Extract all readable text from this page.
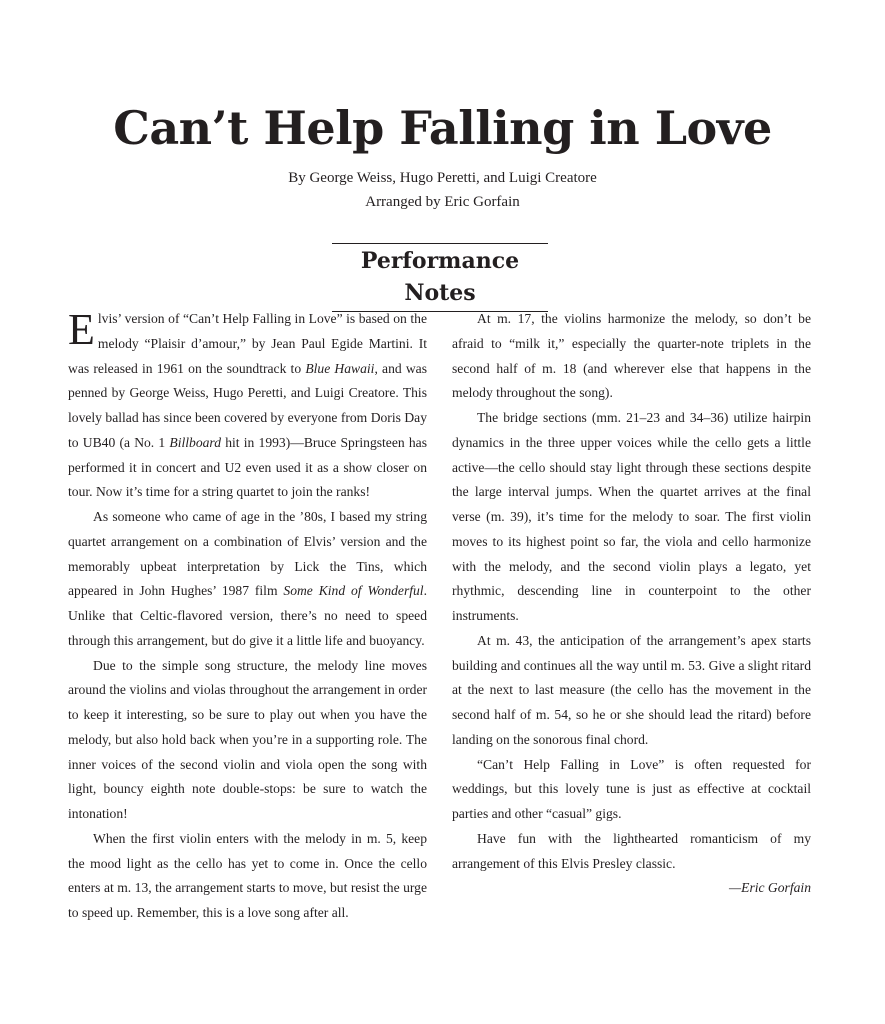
Can’t Help Falling in Love
By George Weiss, Hugo Peretti, and Luigi Creatore
Arranged by Eric Gorfain
Performance Notes

Elvis’ version of “Can’t Help Falling in Love” is based on the melody “Plaisir d’amour,” by Jean Paul Egide Martini. It was released in 1961 on the soundtrack to Blue Hawaii, and was penned by George Weiss, Hugo Peretti, and Luigi Creatore. This lovely ballad has since been covered by everyone from Doris Day to UB40 (a No. 1 Billboard hit in 1993)—Bruce Springsteen has performed it in concert and U2 even used it as a show closer on tour. Now it’s time for a string quartet to join the ranks!

As someone who came of age in the ’80s, I based my string quartet arrangement on a combination of Elvis’ version and the memorably upbeat interpretation by Lick the Tins, which appeared in John Hughes’ 1987 film Some Kind of Wonderful. Unlike that Celtic-flavored version, there’s no need to speed through this arrangement, but do give it a little life and buoyancy.

Due to the simple song structure, the melody line moves around the violins and violas throughout the arrangement in order to keep it interesting, so be sure to play out when you have the melody, but also hold back when you’re in a supporting role. The inner voices of the second violin and viola open the song with light, bouncy eighth note double-stops: be sure to watch the intonation!

When the first violin enters with the melody in m. 5, keep the mood light as the cello has yet to come in. Once the cello enters at m. 13, the arrangement starts to move, but resist the urge to speed up. Remember, this is a love song after all.

At m. 17, the violins harmonize the melody, so don’t be afraid to “milk it,” especially the quarter-note triplets in the second half of m. 18 (and wherever else that happens in the melody throughout the song).

The bridge sections (mm. 21–23 and 34–36) utilize hairpin dynamics in the three upper voices while the cello gets a little active—the cello should stay light through these sections despite the large interval jumps. When the quartet arrives at the final verse (m. 39), it’s time for the melody to soar. The first violin moves to its highest point so far, the viola and cello harmonize with the melody, and the second violin plays a legato, yet rhythmic, descending line in counterpoint to the other instruments.

At m. 43, the anticipation of the arrangement’s apex starts building and continues all the way until m. 53. Give a slight ritard at the next to last measure (the cello has the movement in the second half of m. 54, so he or she should lead the ritard) before landing on the sonorous final chord.

“Can’t Help Falling in Love” is often requested for weddings, but this lovely tune is just as effective at cocktail parties and other “casual” gigs.

Have fun with the lighthearted romanticism of my arrangement of this Elvis Presley classic.

—Eric Gorfain
